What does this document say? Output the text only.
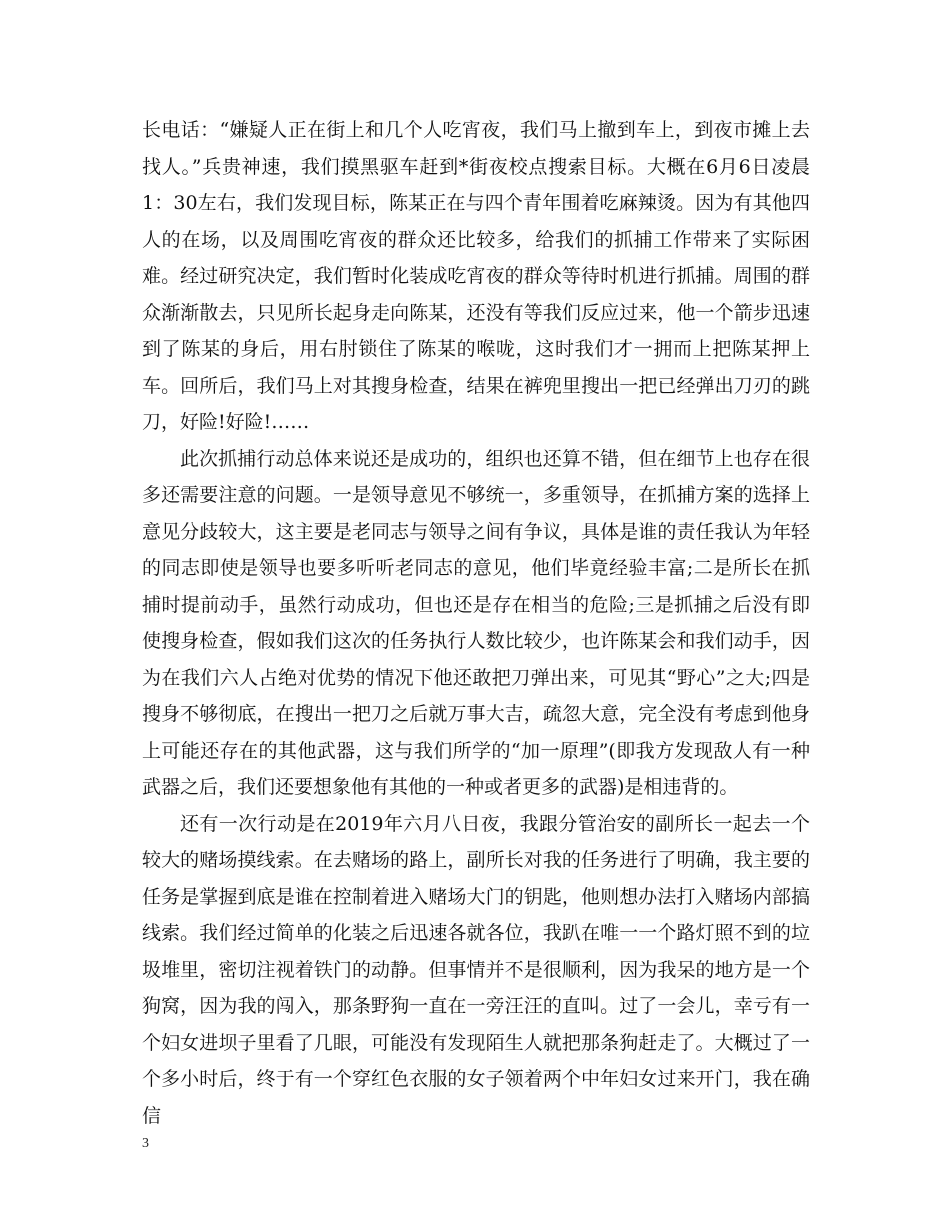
长电话：“嫌疑人正在街上和几个人吃宵夜，我们马上撤到车上，到夜市摊上去找人。”兵贵神速，我们摸黑驱车赶到*街夜校点搜索目标。大概在6月6日凌晨1：30左右，我们发现目标，陈某正在与四个青年围着吃麻辣烫。因为有其他四人的在场，以及周围吃宵夜的群众还比较多，给我们的抓捕工作带来了实际困难。经过研究决定，我们暂时化装成吃宵夜的群众等待时机进行抓捕。周围的群众渐渐散去，只见所长起身走向陈某，还没有等我们反应过来，他一个箭步迅速到了陈某的身后，用右肘锁住了陈某的喉咙，这时我们才一拥而上把陈某押上车。回所后，我们马上对其搜身检查，结果在裤兜里搜出一把已经弹出刀刃的跳刀，好险!好险!……

此次抓捕行动总体来说还是成功的，组织也还算不错，但在细节上也存在很多还需要注意的问题。一是领导意见不够统一，多重领导，在抓捕方案的选择上意见分歧较大，这主要是老同志与领导之间有争议，具体是谁的责任我认为年轻的同志即使是领导也要多听听老同志的意见，他们毕竟经验丰富;二是所长在抓捕时提前动手，虽然行动成功，但也还是存在相当的危险;三是抓捕之后没有即使搜身检查，假如我们这次的任务执行人数比较少，也许陈某会和我们动手，因为在我们六人占绝对优势的情况下他还敢把刀弹出来，可见其“野心”之大;四是搜身不够彻底，在搜出一把刀之后就万事大吉，疏忽大意，完全没有考虑到他身上可能还存在的其他武器，这与我们所学的“加一原理”(即我方发现敌人有一种武器之后，我们还要想象他有其他的一种或者更多的武器)是相违背的。

还有一次行动是在2019年六月八日夜，我跟分管治安的副所长一起去一个较大的赌场摸线索。在去赌场的路上，副所长对我的任务进行了明确，我主要的任务是掌握到底是谁在控制着进入赌场大门的钥匙，他则想办法打入赌场内部搞线索。我们经过简单的化装之后迅速各就各位，我趴在唯一一个路灯照不到的垃圾堆里，密切注视着铁门的动静。但事情并不是很顺利，因为我呆的地方是一个狗窝，因为我的闯入，那条野狗一直在一旁汪汪的直叫。过了一会儿，幸亏有一个妇女进坝子里看了几眼，可能没有发现陌生人就把那条狗赶走了。大概过了一个多小时后，终于有一个穿红色衣服的女子领着两个中年妇女过来开门，我在确信

3
